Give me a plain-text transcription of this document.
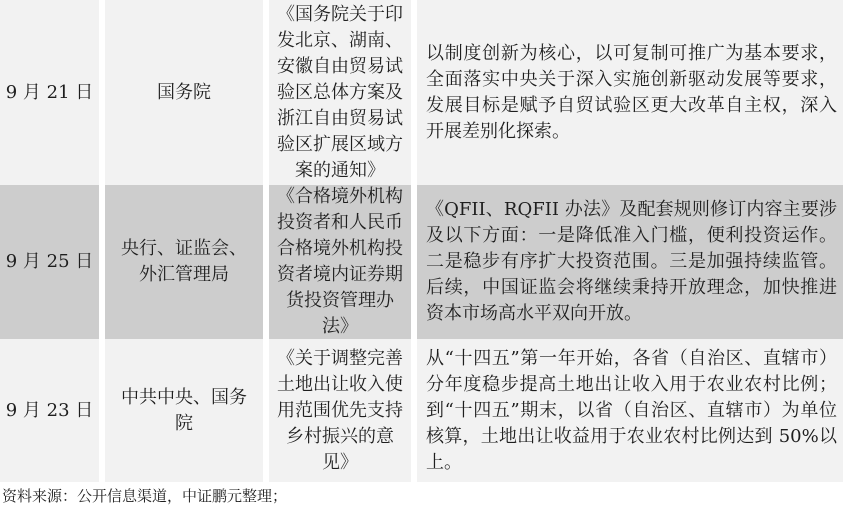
9 月 21 日	国务院
《国务院关于印发北京、湖南、安徽自由贸易试验区总体方案及浙江自由贸易试验区扩展区域方案的通知》
以制度创新为核心，以可复制可推广为基本要求，全面落实中央关于深入实施创新驱动发展等要求，发展目标是赋予自贸试验区更大改革自主权，深入开展差别化探索。
9 月 25 日
央行、证监会、外汇管理局
《合格境外机构投资者和人民币合格境外机构投资者境内证券期货投资管理办法》
《QFII、RQFII 办法》及配套规则修订内容主要涉及以下方面：一是降低准入门槛，便利投资运作。二是稳步有序扩大投资范围。三是加强持续监管。后续，中国证监会将继续秉持开放理念，加快推进资本市场高水平双向开放。
9 月 23 日
中共中央、国务院
《关于调整完善土地出让收入使用范围优先支持乡村振兴的意见》
从“十四五”第一年开始，各省（自治区、直辖市）分年度稳步提高土地出让收入用于农业农村比例；到“十四五”期末，以省（自治区、直辖市）为单位核算，土地出让收益用于农业农村比例达到 50%以上。
资料来源：公开信息渠道，中证鹏元整理；
